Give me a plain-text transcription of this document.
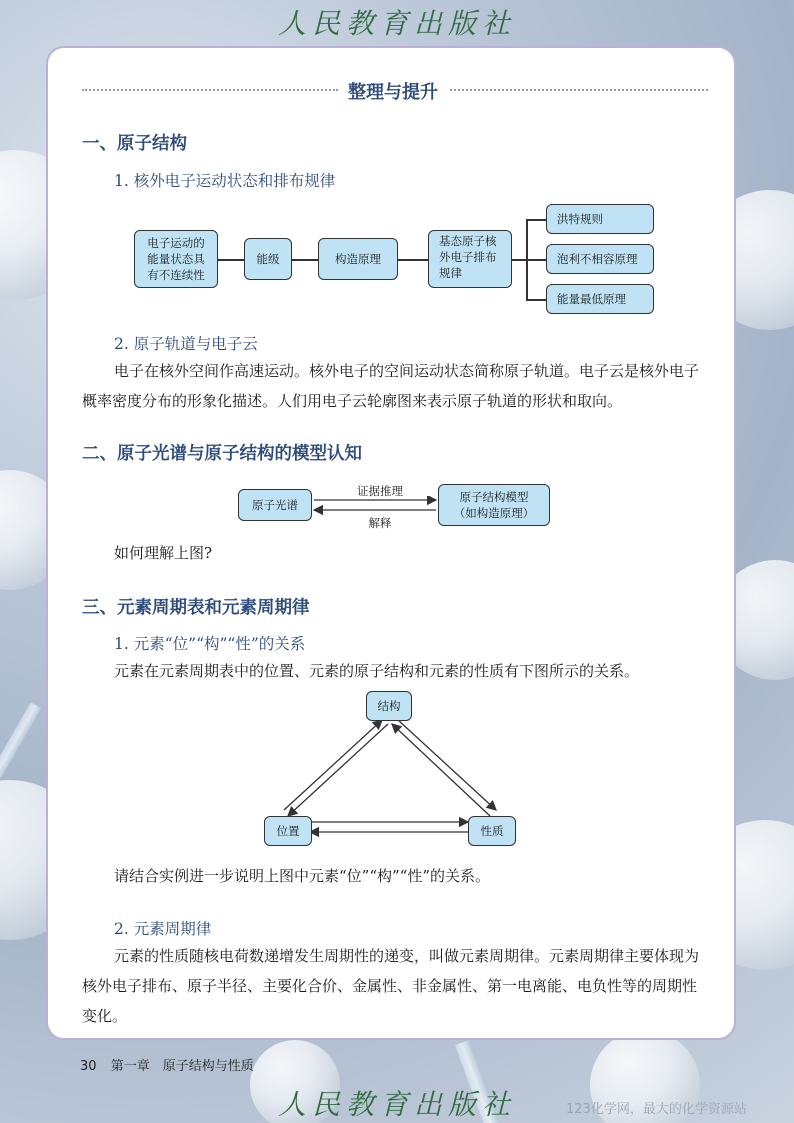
人民教育出版社
整理与提升
一、原子结构
1. 核外电子运动状态和排布规律
电子运动的
能量状态具
有不连续性
能级	构造原理
基态原子核
外电子排布
规律
洪特规则
泡利不相容原理
能量最低原理
2. 原子轨道与电子云
电子在核外空间作高速运动。核外电子的空间运动状态简称原子轨道。电子云是核外电子概率密度分布的形象化描述。人们用电子云轮廓图来表示原子轨道的形状和取向。
二、原子光谱与原子结构的模型认知
原子光谱
证据推理
解释
原子结构模型
（如构造原理）
如何理解上图?
三、元素周期表和元素周期律
1. 元素“位”“构”“性”的关系
元素在元素周期表中的位置、元素的原子结构和元素的性质有下图所示的关系。
结构
位置	性质
请结合实例进一步说明上图中元素“位”“构”“性”的关系。
2. 元素周期律
元素的性质随核电荷数递增发生周期性的递变，叫做元素周期律。元素周期律主要体现为核外电子排布、原子半径、主要化合价、金属性、非金属性、第一电离能、电负性等的周期性变化。
30 第一章　原子结构与性质
人民教育出版社	123化学网，最大的化学资源站
